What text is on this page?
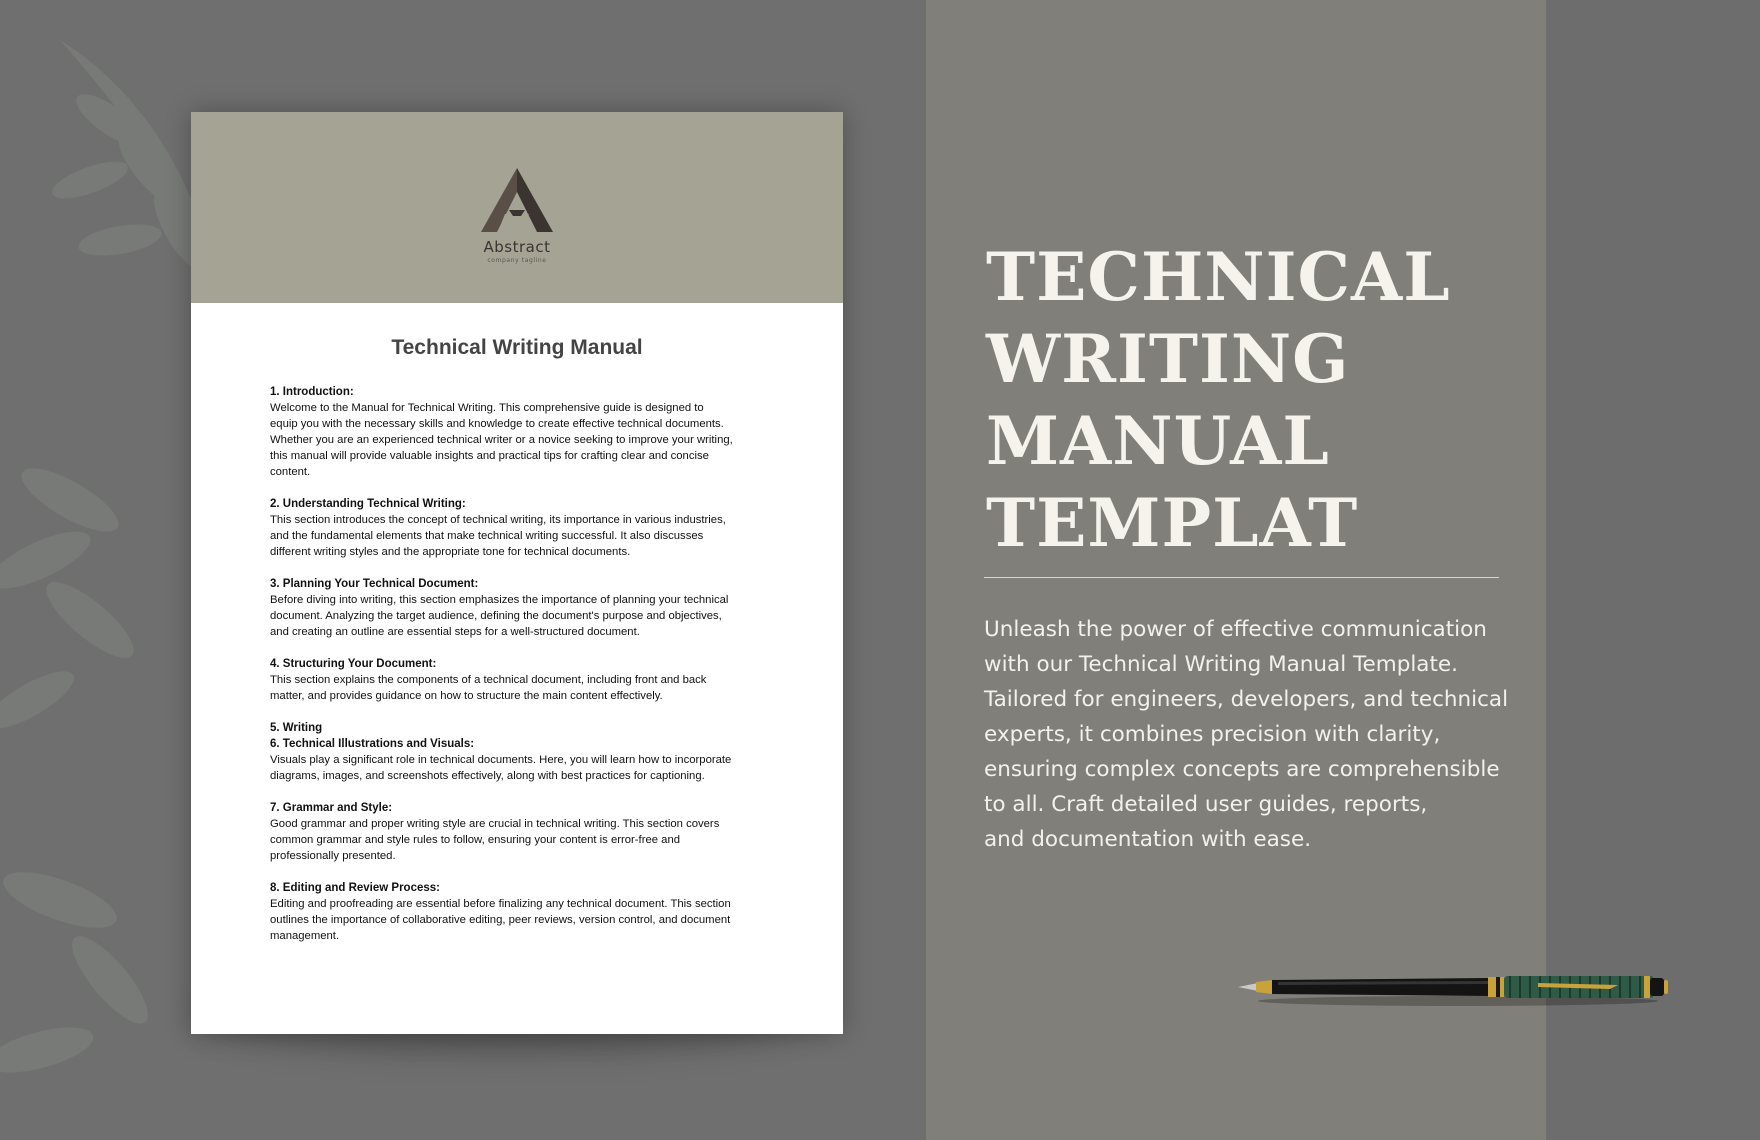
Abstract
company tagline
Technical Writing Manual
1. Introduction:
Welcome to the Manual for Technical Writing. This comprehensive guide is designed to
equip you with the necessary skills and knowledge to create effective technical documents.
Whether you are an experienced technical writer or a novice seeking to improve your writing,
this manual will provide valuable insights and practical tips for crafting clear and concise
content.
2. Understanding Technical Writing:
This section introduces the concept of technical writing, its importance in various industries,
and the fundamental elements that make technical writing successful. It also discusses
different writing styles and the appropriate tone for technical documents.
3. Planning Your Technical Document:
Before diving into writing, this section emphasizes the importance of planning your technical
document. Analyzing the target audience, defining the document's purpose and objectives,
and creating an outline are essential steps for a well-structured document.
4. Structuring Your Document:
This section explains the components of a technical document, including front and back
matter, and provides guidance on how to structure the main content effectively.
5. Writing
6. Technical Illustrations and Visuals:
Visuals play a significant role in technical documents. Here, you will learn how to incorporate
diagrams, images, and screenshots effectively, along with best practices for captioning.
7. Grammar and Style:
Good grammar and proper writing style are crucial in technical writing. This section covers
common grammar and style rules to follow, ensuring your content is error-free and
professionally presented.
8. Editing and Review Process:
Editing and proofreading are essential before finalizing any technical document. This section
outlines the importance of collaborative editing, peer reviews, version control, and document
management.
TECHNICAL
WRITING
MANUAL
TEMPLAT
Unleash the power of effective communication
with our Technical Writing Manual Template.
Tailored for engineers, developers, and technical
experts, it combines precision with clarity,
ensuring complex concepts are comprehensible
to all. Craft detailed user guides, reports,
and documentation with ease.
